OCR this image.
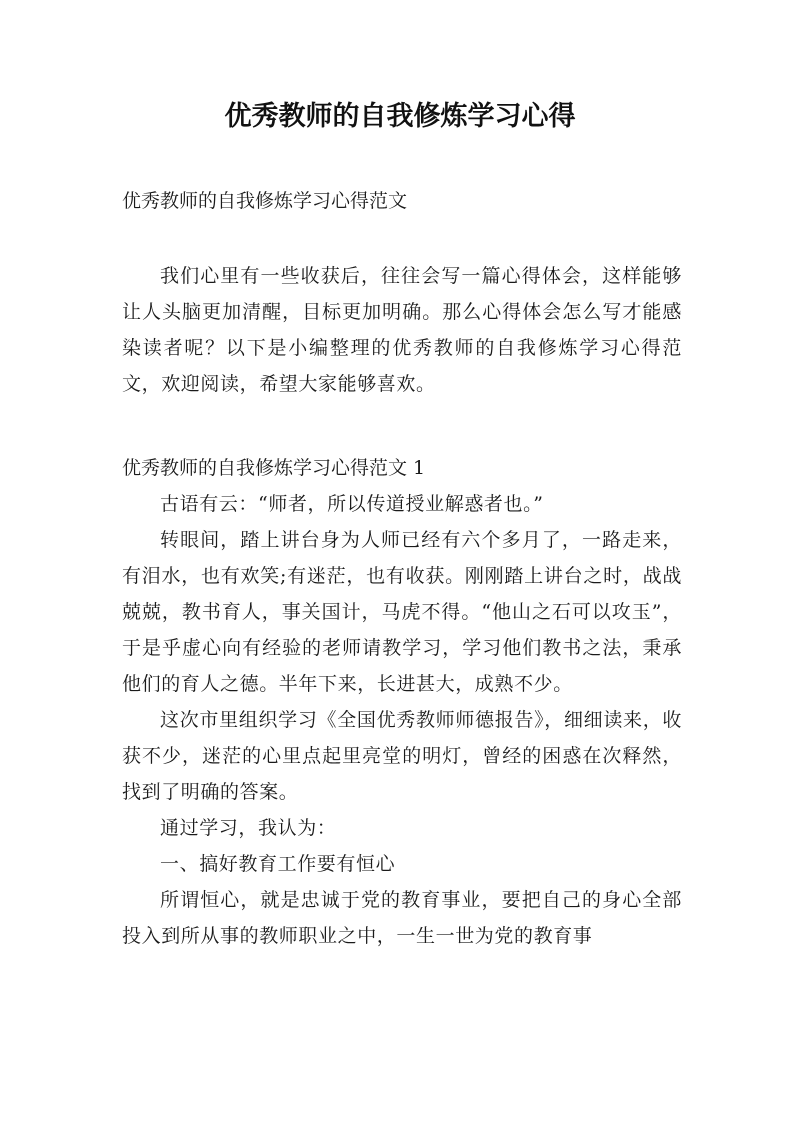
优秀教师的自我修炼学习心得

优秀教师的自我修炼学习心得范文

我们心里有一些收获后，往往会写一篇心得体会，这样能够让人头脑更加清醒，目标更加明确。那么心得体会怎么写才能感染读者呢？以下是小编整理的优秀教师的自我修炼学习心得范文，欢迎阅读，希望大家能够喜欢。

优秀教师的自我修炼学习心得范文 1

古语有云：“师者，所以传道授业解惑者也。”

转眼间，踏上讲台身为人师已经有六个多月了，一路走来，有泪水，也有欢笑;有迷茫，也有收获。刚刚踏上讲台之时，战战兢兢，教书育人，事关国计，马虎不得。“他山之石可以攻玉”，于是乎虚心向有经验的老师请教学习，学习他们教书之法，秉承他们的育人之德。半年下来，长进甚大，成熟不少。

这次市里组织学习《全国优秀教师师德报告》，细细读来，收获不少，迷茫的心里点起里亮堂的明灯，曾经的困惑在次释然，找到了明确的答案。

通过学习，我认为：

一、搞好教育工作要有恒心

所谓恒心，就是忠诚于党的教育事业，要把自己的身心全部投入到所从事的教师职业之中，一生一世为党的教育事
